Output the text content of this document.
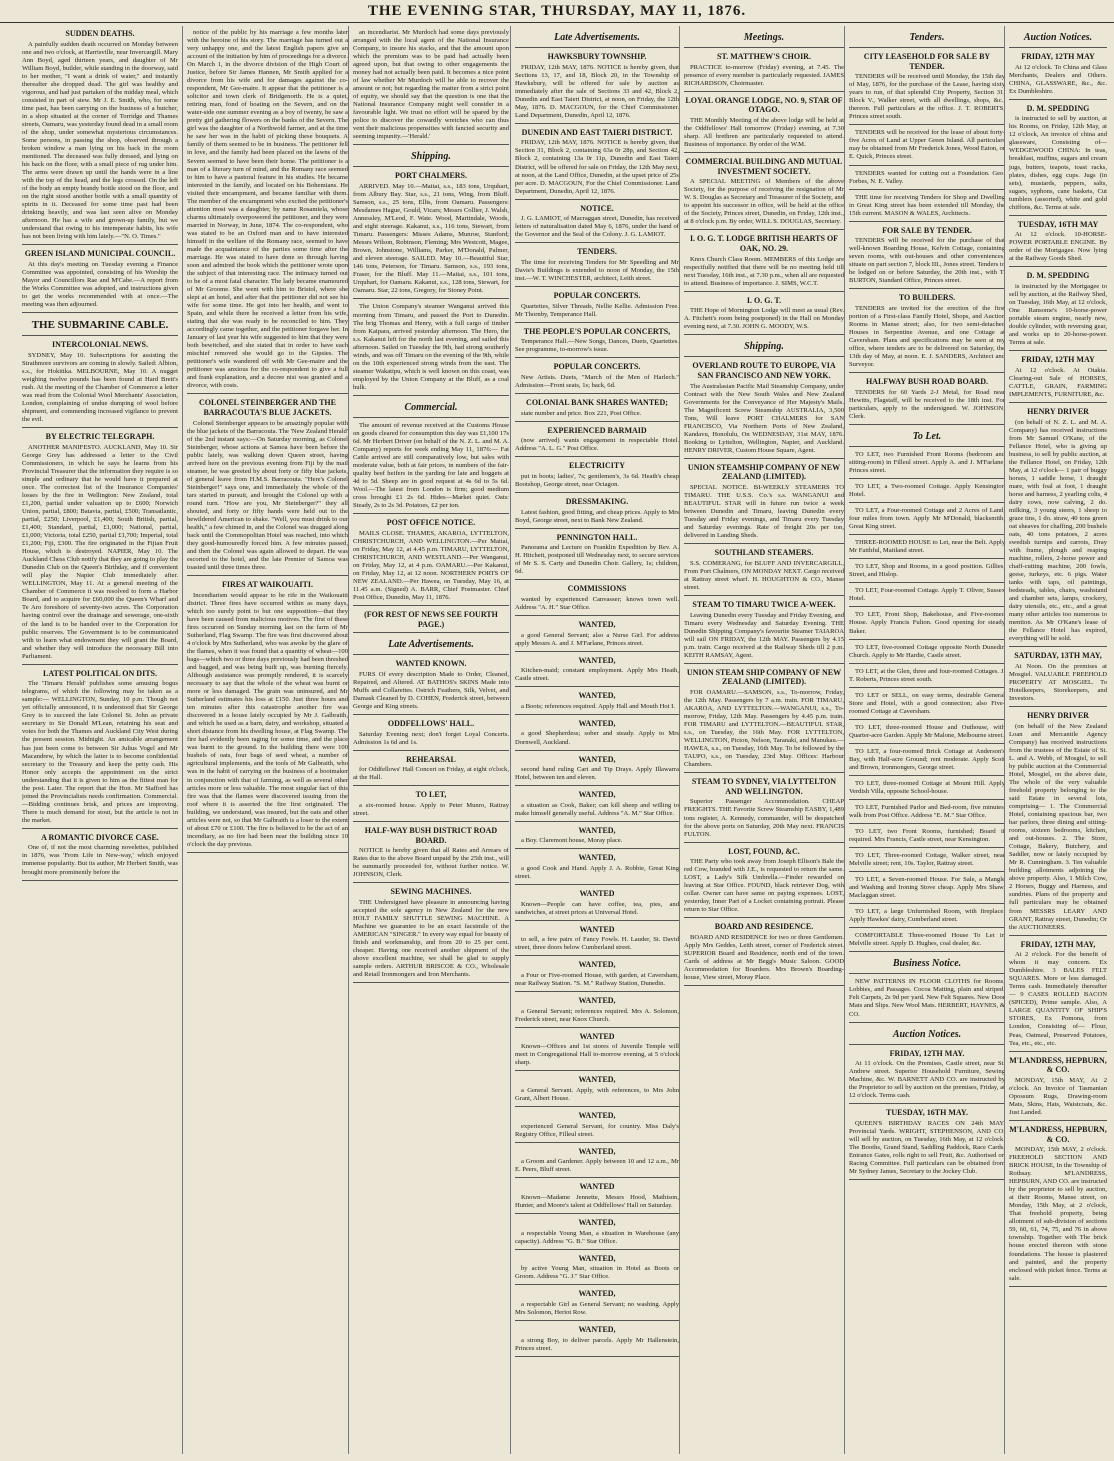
THE EVENING STAR, THURSDAY, MAY 11, 1876.
SUDDEN DEATHS.

A painfully sudden death occurred on Monday between one and two o'clock, at Harrisville, near Invercargill. Mary Ann Boyd, aged thirteen years, and daughter of Mr William Boyd, builder, while standing in the doorway, said to her mother, "I want a drink of water," and instantly thereafter she dropped dead. The girl was healthy and vigorous, and had just partaken of the midday meal, which consisted in part of stew. Mr J. E. Smith, who, for some time past, has been carrying on the business of a butcher, in a shop situated at the corner of Torridge and Thames streets, Oamaru, was yesterday found dead in a small room of the shop, under somewhat mysterious circumstances. Some persons, in passing the shop, observed through a broken window a man lying on his back in the room mentioned. The deceased was fully dressed, and lying on his back on the floor, with a small piece of rug under him. The arms were drawn up until the hands were in a line with the top of the head, and the legs crossed. On the left of the body an empty brandy bottle stood on the floor, and on the right stood another bottle with a small quantity of spirits in it. Deceased for some time past had been drinking heavily, and was last seen alive on Monday afternoon. He has a wife and grown-up family, but we understand that owing to his intemperate habits, his wife has not been living with him lately.—"N. O. Times."

GREEN ISLAND MUNICIPAL COUNCIL.

At this day's meeting on Tuesday evening a Finance Committee was appointed, consisting of his Worship the Mayor and Councillors Rae and M'Cabe.—A report from the Works Committee was adopted, and instructions given to get the works recommended with at once.—The meeting was then adjourned.

THE SUBMARINE CABLE.
INTERCOLONIAL NEWS.

SYDNEY, May 10. Subscriptions for assisting the Strathmore survivors are coming in slowly. Sailed: Albion, s.s., for Hokitika. MELBOURNE, May 10. A nugget weighing twelve pounds has been found at Hard Brett's rush. At the meeting of the Chamber of Commerce a letter was read from the Colonial Wool Merchants' Association, London, complaining of undue dumping of wool before shipment, and commending increased vigilance to prevent the evil.

BY ELECTRIC TELEGRAPH.

ANOTHER MANIFESTO. AUCKLAND, May 10. Sir George Grey has addressed a letter to the Civil Commissioners, in which he says he learns from his Provincial Treasurer that the information they require is so simple and ordinary that he would have it prepared at once. The correctest list of the Insurance Companies' losses by the fire in Wellington: New Zealand, total £1,200, partial under valuation up to £600; Norwich Union, partial, £800; Batavia, partial, £500; Transatlantic, partial, £250; Liverpool, £1,400; South British, partial, £1,400; Standard, partial, £1,000; National, partial, £1,000; Victoria, total £250, partial £1,700; Imperial, total £1,200; Fiji, £300. The fire originated in the Fijian Fruit House, which is destroyed. NAPIER, May 10. The Auckland Chess Club notify that they are going to play the Dunedin Club on the Queen's Birthday, and if convenient will play the Napier Club immediately after. WELLINGTON, May 11. At a general meeting of the Chamber of Commerce it was resolved to form a Harbor Board, and to acquire for £60,000 the Queen's Wharf and Te Aro foreshore of seventy-two acres. The Corporation having control over the drainage and sewerage, one-sixth of the land is to be handed over to the Corporation for public reserves. The Government is to be communicated with to learn what endowment they will grant the Board, and whether they will introduce the necessary Bill into Parliament.

LATEST POLITICAL ON DITS.

The 'Timaru Herald' publishes some amusing bogus telegrams, of which the following may be taken as a sample:— WELLINGTON, Sunday, 10 p.m. Though not yet officially announced, it is understood that Sir George Grey is to succeed the late Colonel St. John as private secretary to Sir Donald M'Lean, retaining his seat and votes for both the Thames and Auckland City West during the present session. Midnight. An amicable arrangement has just been come to between Sir Julius Vogel and Mr Macandrew, by which the latter is to become confidential secretary to the Treasury and keep the petty cash. His Honor only accepts the appointment on the strict understanding that it is given to him as the fittest man for the post. Later. The report that the Hon. Mr Stafford has joined the Provincialists needs confirmation. Commercial.—Bidding continues brisk, and prices are improving. There is much demand for stout, but the article is not in the market.

A ROMANTIC DIVORCE CASE.

One of, if not the most charming novelettes, published in 1876, was 'From Life in New-way,' which enjoyed immense popularity. But its author, Mr Herbert Smith, was brought more prominently before the

notice of the public by his marriage a few months later with the heroine of his story. The marriage has turned out a very unhappy one, and the latest English papers give an account of the initiation by him of proceedings for a divorce. On March 1, in the divorce division of the High Court of Justice, before Sir James Hannen, Mr Smith applied for a divorce from his wife and for damages against the co-respondent, Mr Gee-maire. It appear that the petitioner is a solicitor and town clerk of Bridgenorth. He is a quiet, retiring man, fond of boating on the Severn, and on the water-side one summer evening as a boy of twenty, he saw a pretty girl gathering flowers on the banks of the Severn. The girl was the daughter of a Northwold farmer, and at the time he saw her was in the habit of picking these bouquets. A family of them seemed to be in business. The petitioner fell in love, and the family had been placed on the lawns of the Severn seemed to have been their home. The petitioner is a man of a literary turn of mind, and the Romany race seemed to him to have a pastoral feature in his studies. He became interested in the family, and located on his Bohemians. He visited their encampment, and became familiar with them. The member of the encampment who excited the petitioner's attention most was a daughter, by name Rosamiela, whose charms ultimately overpowered the petitioner, and they were married in Norway, in June, 1874. The co-respondent, who was stated to be an Oxford man and to have interested himself in the welfare of the Romany race, seemed to have made the acquaintance of the parties some time after the marriage. He was stated to have done so through having soon and admired the book which the petitioner wrote upon the subject of that interesting race. The intimacy turned out to be of a most fatal character. The lady became enamoured of Mr Groome. She went with him to Bristol, where she slept at an hotel, and after that the petitioner did not see his wife for some time. He got into her health, and went to Spain, and while there he received a letter from his wife, stating that she was ready to be reconciled to him. They accordingly came together, and the petitioner forgave her. In January of last year his wife suggested to him that they were both bewitched, and she stated that in order to have each mischief removed she would go to the Gipsies. The petitioner's wife wandered off with Mr Gee-maire and the petitioner was anxious for the co-respondent to give a full and frank explanation, and a decree nisi was granted and a divorce, with costs.

COLONEL STEINBERGER AND THE BARRACOUTA'S BLUE JACKETS.

Colonel Steinberger appears to be amazingly popular with the blue jackets of the Barracouta. The 'New Zealand Herald' of the 2nd instant says:—On Saturday morning, as Colonel Steinberger, whose actions at Samoa have been before the public lately, was walking down Queen street, having arrived here on the previous evening from Fiji by the mail steamer, he was greeted by about forty or fifty blue jackets, of general leave from H.M.S. Barracouta. "Here's Colonel Steinberger!" says one, and immediately the whole of the tars started in pursuit, and brought the Colonel up with a round turn. "How are you, Mr Steinberger?" they all shouted, and forty or fifty hands were held out to the bewildered American to shake. "Well, you must drink to our health," a few chimed in, and the Colonel was dragged along back until the Commopolitan Hotel was reached, into which they good-humouredly forced him. A few minutes passed, and then the Colonel was again allowed to depart. He was escorted to the hotel, and the late Premier of Samoa was toasted until three times three.

FIRES AT WAIKOUAITI.

Incendiarism would appear to be rife in the Waikouaiti district. Three fires have occurred within as many days, which too surely point to but one supposition—that they have been caused from malicious motives. The first of these fires occurred on Sunday morning last on the farm of Mr Sutherland, Flag Swamp. The fire was first discovered about 4 o'clock by Mrs Sutherland, who was awoke by the glare of the flames, when it was found that a quantity of wheat—100 bags—which two or three days previously had been threshed and bagged, and was being built up, was burning fiercely. Although assistance was promptly rendered, it is scarcely necessary to say that the whole of the wheat was burnt or more or less damaged. The grain was uninsured, and Mr Sutherland estimates his loss at £150. Just three hours and ten minutes after this catastrophe another fire was discovered in a house lately occupied by Mr J. Galbraith, and which he used as a barn, dairy, and workshop, situated a short distance from his dwelling house, at Flag Swamp. The fire had evidently been raging for some time, and the place was burnt to the ground. In the building there were 100 bushels of oats, four bags of seed wheat, a number of agricultural implements, and the tools of Mr Galbraith, who was in the habit of carrying on the business of a bootmaker in conjunction with that of farming, as well as several other articles more or less valuable. The most singular fact of this fire was that the flames were discovered issuing from the roof where it is asserted the fire first originated. The building, we understand, was insured, but the oats and other articles were not, so that Mr Galbraith is a loser to the extent of about £70 or £100. The fire is believed to be the act of an incendiary, as no fire had been near the building since 10 o'clock the day previous.

an incendiarist. Mr Murdoch had some days previously arranged with the local agent of the National Insurance Company, to insure his stacks, and that the amount upon which the premium was to be paid had actually been agreed upon, but that owing to other engagements the money had not actually been paid. It becomes a nice point of law whether Mr Murdoch will be able to recover the amount or not; but regarding the matter from a strict point of equity, we should say that the question is one that the National Insurance Company might well consider in a favourable light. We trust no effort will be spared by the police to discover the cowardly wretches who can thus vent their malicious propensities with fancied security and seeming impunity.—'Herald.'

Shipping.
PORT CHALMERS.

ARRIVED. May 10.—Maitai, s.s., 183 tons, Urquhart, from Albury Bay. Star, s.s., 21 tons, Wing, from Bluff. Samson, s.s., 25 tons, Ellis, from Oamaru. Passengers: Mesdames Hague, Gould, Vicars; Messrs Collier, J. Walsh, Annessley, M'Leod, F. Wate. Wood, Martindale, Woods, and eight steerage. Kakanui, s.s., 116 tons, Stewart, from Timaru. Passengers: Misses Adams, Munroe, Stanford; Messrs Wilson, Robinson, Fleming; Mrs Westcott, Magee, Brown, Johnstone, Williams, Parker, M'Donald, Palmer, and eleven steerage. SAILED. May 10.—Beautiful Star, 146 tons, Peterson, for Timaru. Samson, s.s., 193 tons, Fraser, for the Bluff. May 11.—Maitai, s.s., 101 tons, Urquhart, for Oamaru. Kakanui, s.s., 128 tons, Stewart, for Oamaru. Star, 22 tons, Gregory, for Stoney Point.

The Union Company's steamer Wanganui arrived this morning from Timaru, and passed the Port to Dunedin. The brig Thomas and Henry, with a full cargo of timber from Kaipara, arrived yesterday afternoon. The Hero, the s.s. Kakanui left for the north last evening, and sailed this afternoon. Sailed on Tuesday the 9th, had strong southerly winds, and was off Timaru on the evening of the 9th, while on the 10th experienced strong winds from the east. The steamer Wakatipu, which is well known on this coast, was employed by the Union Company at the Bluff, as a coal hulk.

Commercial.

The amount of revenue received at the Customs House on goods cleared for consumption this day was £1,100 17s 6d. Mr Herbert Driver (on behalf of the N. Z. L. and M. A. Company) reports for week ending May 11, 1876:— Fat Cattle arrived are still comparatively low, but sales with moderate value, both at fair prices, in numbers of the fair-quality beef heifers in the yarding for late and hoggets at 4d to 5d. Sheep are in good request at 4s 6d to 5s 6d. Wool.—The latest from London is firm; good medium cross brought £1 2s 6d. Hides—Market quiet. Oats: Steady, 2s to 2s 3d. Potatoes, £2 per ton.

POST OFFICE NOTICE.

MAILS CLOSE. THAMES, AKAROA, LYTTELTON, CHRISTCHURCH, AND WELLINGTON.—Per Maitai, on Friday, May 12, at 4.45 p.m. TIMARU, LYTTELTON, CHRISTCHURCH, AND WESTLAND.—Per Wanganui, on Friday, May 12, at 4 p.m. OAMARU.—Per Kakanui, on Friday, May 12, at 12 noon. NORTHERN PORTS OF NEW ZEALAND.—Per Hawea, on Tuesday, May 16, at 11.45 a.m. (Signed) A. BARR, Chief Postmaster. Chief Post Office, Dunedin, May 11, 1876.

(FOR REST OF NEWS SEE FOURTH PAGE.)
Late Advertisements.
WANTED KNOWN.

FURS Of every description Made to Order, Cleaned, Repaired, and Altered. AT BATHOS's SKINS Made into Muffs and Collarettes. Ostrich Feathers, Silk, Velvet, and Damask Cleaned by D. COHEN, Frederick street, between George and King streets.

ODDFELLOWS' HALL.

Saturday Evening next; don't forget Loyal Concerts. Admission 1s 6d and 1s.

REHEARSAL

for Oddfellows' Hall Concert on Friday, at eight o'clock, at the Hall.

TO LET,

a six-roomed house. Apply to Peter Munro, Rattray street.

HALF-WAY BUSH DISTRICT ROAD BOARD.

NOTICE is hereby given that all Rates and Arrears of Rates due to the above Board unpaid by the 25th inst., will be summarily proceeded for, without further notice. W. JOHNSON, Clerk.

SEWING MACHINES.

THE Undersigned have pleasure in announcing having accepted the sole agency in New Zealand for the new HOLT FAMILY SHUTTLE SEWING MACHINE. A Machine we guarantee to be an exact facsimile of the AMERICAN "SINGER." In every way equal for beauty of finish and workmanship, and from 20 to 25 per cent. cheaper. Having one received another shipment of the above excellent machine, we shall be glad to supply sample orders. ARTHUR BRISCOE & CO., Wholesale and Retail Ironmongers and Iron Merchants.

Late Advertisements.
HAWKSBURY TOWNSHIP.

FRIDAY, 12th MAY, 1876. NOTICE is hereby given, that Sections 13, 17, and 18, Block 20, in the Township of Hawksbury, will be offered for sale by auction as immediately after the sale of Sections 33 and 42, Block 2, Dunedin and East Taieri District, at noon, on Friday, the 12th May, 1876. D. MACGOUN, for the Chief Commissioner. Land Department, Dunedin, April 12, 1876.

DUNEDIN AND EAST TAIERI DISTRICT.

FRIDAY, 12th MAY, 1876. NOTICE is hereby given, that Section 31, Block 2, containing 63a 0r 28p, and Section 42, Block 2, containing 13a 0r 11p, Dunedin and East Taieri District, will be offered for sale on Friday, the 12th May next, at noon, at the Land Office, Dunedin, at the upset price of 25s per acre. D. MACGOUN, For the Chief Commissioner. Land Department, Dunedin, April 12, 1876.

NOTICE.

J. G. LAMIOT, of Macraggan street, Dunedin, has received letters of naturalisation dated May 6, 1876, under the hand of the Governor and the Seal of the Colony. J. G. LAMIOT.

TENDERS.

The time for receiving Tenders for Mr Speedling and Mr Davie's Buildings is extended to noon of Monday, the 15th inst.—W. T. WINCHESTER, architect, Leith street.

POPULAR CONCERTS.

Quartettes, Silver Threads, Nellie Kellie. Admission Free. Mr Thornby, Temperance Hall.

THE PEOPLE'S POPULAR CONCERTS,

Temperance Hall.—New Songs, Dances, Duets, Quartettes. See programme, to-morrow's issue.

POPULAR CONCERTS.

New Artists. Duets, "March of the Men of Harlech." Admission—Front seats, 1s; back, 6d.

COLONIAL BANK SHARES WANTED;

state number and price. Box 221, Post Office.

EXPERIENCED BARMAID

(now arrived) wants engagement in respectable Hotel. Address "A. L. G." Post Office.

ELECTRICITY

put in boots; ladies', 7s; gentlemen's, 3s 6d. Heath's cheap Bootshop, George street, near Octagon.

DRESSMAKING.

Latest fashion, good fitting, and cheap prices. Apply to Mrs Boyd, George street, next to Bank New Zealand.

PENNINGTON HALL.

Panorama and Lecture on Franklin Expedition by Rev. A. H. Hitchett, postponed till Wednesday next, to secure services of Mr S. S. Carty and Dunedin Choir. Gallery, 1s; children, 6d.

COMMISSIONS

wanted by experienced Canvasser; knows town well. Address "A. H." Star Office.

WANTED,

a good General Servant; also a Nurse Girl. For address apply Messrs A. and J. M'Farlane, Princes street.

WANTED,

Kitchen-maid; constant employment. Apply Mrs Heath, Castle street.

WANTED,

a Boots; references required. Apply Hall and Mouth Hot I.

WANTED,

a good Shepherdess; sober and steady. Apply to Mrs Dornwell, Auckland.

WANTED,

second hand ruling Cart and Tip Drays. Apply Illawarra Hotel, between ten and eleven.

WANTED,

a situation as Cook, Baker; can kill sheep and willing to make himself generally useful. Address "A. M." Star Office.

WANTED,

a Boy. Claremont house, Moray place.

WANTED,

a good Cook and Hand. Apply J. A. Robbie, Great King street.

WANTED

Known—People can have coffee, tea, pies, and sandwiches, at street prices at Universal Hotel.

WANTED

to sell, a few pairs of Fancy Fowls. H. Lauder, St. David street, three doors below Cumberland street.

WANTED,

a Four or Five-roomed House, with garden, at Caversham, near Railway Station. "S. M." Railway Station, Dunedin.

WANTED,

a General Servant; references required. Mrs A. Solomon, Frederick street, near Knox Church.

WANTED

Known—Offices and 1st stores of Juvenile Temple will meet in Congregational Hall to-morrow evening, at 5 o'clock sharp.

WANTED,

a General Servant. Apply, with references, to Mrs John Grant, Albert House.

WANTED,

experienced General Servant, for country. Miss Daly's Registry Office, Filleul street.

WANTED,

a Groom and Gardener. Apply between 10 and 12 a.m., Mr E. Peers, Bluff street.

WANTED

Known—Madame Jennette, Messrs Hood, Mathison, Hunter, and Moore's talent at Oddfellows' Hall on Saturday.

WANTED,

a respectable Young Man, a situation in Warehouse (any capacity). Address "G. B." Star Office.

WANTED,

by active Young Man, situation in Hotel as Boots or Groom. Address "G. J." Star Office.

WANTED,

a respectable Girl as General Servant; no washing. Apply Mrs Solomon, Heriot Row.

WANTED,

a strong Boy, to deliver parcels. Apply Mr Hallenstein, Princes street.

Meetings.
ST. MATTHEW'S CHOIR.

PRACTICE to-morrow (Friday) evening, at 7.45. The presence of every member is particularly requested. JAMES RICHARDSON, Choirmaster.

LOYAL ORANGE LODGE, NO. 9, STAR OF OTAGO.

THE Monthly Meeting of the above lodge will be held at the Oddfellows' Hall tomorrow (Friday) evening, at 7.30 sharp. All brethren are particularly requested to attend. Business of importance. By order of the W.M.

COMMERCIAL BUILDING AND MUTUAL INVESTMENT SOCIETY.

A SPECIAL MEETING of Members of the above Society, for the purpose of receiving the resignation of Mr W. S. Douglas as Secretary and Treasurer of the Society, and to appoint his successor in office, will be held at the office of the Society, Princes street, Dunedin, on Friday, 12th inst., at 8 o'clock p.m. By order, WILL S. DOUGLAS, Secretary.

I. O. G. T. LODGE BRITISH HEARTS OF OAK, NO. 29.

Knox Church Class Room. MEMBERS of this Lodge are respectfully notified that there will be no meeting held till next Tuesday, 16th inst., at 7.30 p.m., when all are requested to attend. Business of importance. J. SIMS, W.C.T.

I. O. G. T.

THE Hope of Mornington Lodge will meet as usual (Rev. A. Fitchett's room being postponed) in the Hall on Monday evening next, at 7.30. JOHN G. MOODY, W.S.

Shipping.
OVERLAND ROUTE TO EUROPE, VIA SAN FRANCISCO AND NEW YORK.

The Australasian Pacific Mail Steamship Company, under Contract with the New South Wales and New Zealand Governments for the Conveyance of Her Majesty's Mails. The Magnificent Screw Steamship AUSTRALIA, 3,500 Tons, Will leave PORT CHALMERS for SAN FRANCISCO, Via Northern Ports of New Zealand, Kandavu, Honolulu, On WEDNESDAY, 31st MAY, 1876. Booking to Lyttelton, Wellington, Napier, and Auckland. HENRY DRIVER, Custom House Square, Agent.

UNION STEAMSHIP COMPANY OF NEW ZEALAND (LIMITED).

SPECIAL NOTICE. BI-WEEKLY STEAMERS TO TIMARU. THE U.S.S. Co.'s s.s. WANGANUI and BEAUTIFUL STAR will in future run twice a week between Dunedin and Timaru, leaving Dunedin every Tuesday and Friday evenings, and Timaru every Tuesday and Saturday evenings. Rate of freight 20s per ton, delivered in Landing Sheds.

SOUTHLAND STEAMERS.

S.S. COMERANG, for BLUFF AND INVERCARGILL, From Port Chalmers, ON MONDAY NEXT. Cargo received at Rattray street wharf. H. HOUGHTON & CO., Manse street.

STEAM TO TIMARU TWICE A-WEEK.

Leaving Dunedin every Tuesday and Friday Evening, and Timaru every Wednesday and Saturday Evening. THE Dunedin Shipping Company's favourite Steamer TAIAROA will sail ON FRIDAY, the 12th MAY. Passengers by 4.15 p.m. train. Cargo received at the Railway Sheds till 2 p.m. KEITH RAMSAY, Agent.

UNION STEAM SHIP COMPANY OF NEW ZEALAND (LIMITED).

FOR OAMARU.—SAMSON, s.s., To-morrow, Friday, the 12th May. Passengers by 7 a.m. train. FOR TIMARU, AKAROA, AND LYTTELTON.—WANGANUI, s.s., To-morrow, Friday, 12th May. Passengers by 4.45 p.m. train. FOR TIMARU and LYTTELTON.—BEAUTIFUL STAR, s.s., on Tuesday, the 16th May. FOR LYTTELTON, WELLINGTON, Picton, Nelson, Taranaki, and Manukau.—HAWEA, s.s., on Tuesday, 16th May. To be followed by the TAUPO, s.s., on Tuesday, 23rd May. Offices: Harbour Chambers.

STEAM TO SYDNEY, VIA LYTTELTON AND WELLINGTON.

Superior Passenger Accommodation. CHEAP FREIGHTS. THE Favorite Screw Steamship EASBY, 1,489 tons register, A. Kennedy, commander, will be despatched for the above ports on Saturday, 20th May next. FRANCIS FULTON.

LOST, FOUND, &C.

THE Party who took away from Joseph Ellison's Bale the red Cow, branded with J.E., is requested to return the same. LOST, a Lady's Silk Umbrella.—Finder rewarded on leaving at Star Office. FOUND, black retriever Dog, with collar. Owner can have same on paying expenses. LOST, yesterday, Inner Part of a Locket containing portrait. Please return to Star Office.

BOARD AND RESIDENCE.

BOARD AND RESIDENCE for two or three Gentlemen. Apply Mrs Geddes, Leith street, corner of Frederick street. SUPERIOR Board and Residence, north end of the town. Cards of address at Mr Begg's Music Saloon. GOOD Accommodation for Boarders. Mrs Brown's Boarding-house, View street, Moray Place.

Tenders.
CITY LEASEHOLD FOR SALE BY TENDER.

TENDERS will be received until Monday, the 15th day of May, 1876, for the purchase of the Lease, having sixty years to run, of that splendid City Property, Section 31, Block V., Walker street, with all dwellings, shops, &c., thereon. Full particulars at the office. J. T. ROBERTS, Princes street south.

TENDERS will be received for the lease of about forty-five Acres of Land at Upper Green Island. All particulars may be obtained from Mr Frederick Jones, Wood Eaton, or E. Quick, Princes street.

TENDERS wanted for cutting out a Foundation. Geo. Forbes, N. E. Valley.

THE time for receiving Tenders for Shop and Dwelling in Great King street has been extended till Monday, the 15th current. MASON & WALES, Architects.

FOR SALE BY TENDER.

TENDERS will be received for the purchase of that well-known Boarding House, Kelvin Cottage, containing seven rooms, with out-houses and other conveniences, situate on part section 7, block III., Jones street. Tenders to be lodged on or before Saturday, the 20th inst., with T. BURTON, Standard Office, Princes street.

TO BUILDERS.

TENDERS are invited for the erection of the first portion of a First-class Family Hotel, Shops, and Auction Rooms in Manse street; also, for two semi-detached Houses in Serpentine Avenue, and one Cottage at Caversham. Plans and specifications may be seen at my office, where tenders are to be delivered on Saturday, the 13th day of May, at noon. E. J. SANDERS, Architect and Surveyor.

HALFWAY BUSH ROAD BOARD.

TENDERS for 60 Yards 2-J Metal, for Road near Hewitts, Flagstaff, will be received to the 18th inst. For particulars, apply to the undersigned. W. JOHNSON, Clerk.

To Let.

TO LET, two Furnished Front Rooms (bedroom and sitting-room) in Filleul street. Apply A. and J. M'Farlane, Princes street.

TO LET, a Two-roomed Cottage. Apply Kensington Hotel.

TO LET, a Four-roomed Cottage and 2 Acres of Land, four miles from town. Apply Mr M'Donald, blacksmith, Great King street.

THREE-ROOMED HOUSE to Let, near the Belt. Apply Mr Faithful, Maitland street.

TO LET, Shop and Rooms, in a good position. Gillies, Street, and Hislop.

TO LET, Four-roomed Cottage. Apply T. Oliver, Sussex Hotel.

TO LET, Front Shop, Bakehouse, and Five-roomed House. Apply Francis Fulton. Good opening for steady Baker.

TO LET, five-roomed Cottage opposite North Dunedin Church. Apply to Mr Hardie, Castle street.

TO LET, at the Glen, three and four-roomed Cottages. J. T. Roberts, Princes street south.

TO LET or SELL, on easy terms, desirable General Store and Hotel, with a good connection; also Five-roomed Cottage at Caversham.

TO LET, three-roomed House and Outhouse, with Quarter-acre Garden. Apply Mr Malone, Melbourne street.

TO LET, a four-roomed Brick Cottage at Anderson's Bay, with Half-acre Ground; rent moderate. Apply Scott and Brown, ironmongers, George street.

TO LET, three-roomed Cottage at Mount Hill. Apply Verdish Villa, opposite School-house.

TO LET, Furnished Parlor and Bed-room, five minutes' walk from Post Office. Address "E. M." Star Office.

TO LET, two Front Rooms, furnished; Board if required. Mrs Francis, Castle street, near Kensington.

TO LET, Three-roomed Cottage, Walker street, near Melville street; rent, 10s. Taylor, Rattray street.

TO LET, a Seven-roomed House. For Sale, a Mangle and Washing and Ironing Stove cheap. Apply Mrs Shaw, Maclaggan street.

TO LET, a large Unfurnished Room, with fireplace. Apply Hawkes' dairy, Cumberland street.

COMFORTABLE Three-roomed House To Let in Melville street. Apply D. Hughes, coal dealer, &c.

Business Notice.

NEW PATTERNS IN FLOOR CLOTHS for Rooms, Lobbies, and Passages. Cocoa Matting, plain and striped. Felt Carpets, 2s 9d per yard. New Felt Squares. New Door Mats and Slips. New Wool Mats. HERBERT, HAYNES, & CO.

Auction Notices.
FRIDAY, 12TH MAY.

At 11 o'clock. On the Premises, Castle street, near St. Andrew street. Superior Household Furniture, Sewing Machine, &c. W. BARNETT AND CO. are instructed by the Proprietor to sell by auction on the premises, Friday, at 12 o'clock. Terms cash.

TUESDAY, 16TH MAY.

QUEEN'S BIRTHDAY RACES ON 24th MAY. Provincial Yards. WRIGHT, STEPHENSON, AND CO. will sell by auction, on Tuesday, 16th May, at 12 o'clock. The Booths, Grand Stand, Saddling Paddock, Race Cards, Entrance Gates, rolls right to sell Fruit, &c. Authorised on Racing Committee. Full particulars can be obtained from Mr Sydney James, Secretary to the Jockey Club.

Auction Notices.
FRIDAY, 12TH MAY

At 12 o'clock. To China and Glass Merchants, Dealers and Others. CHINA, GLASSWARE, &c., &c. Ex Dumbleshire.

D. M. SPEDDING

is instructed to sell by auction, at his Rooms, on Friday, 12th May, at 12 o'clock, An invoice of china and glassware, Consisting of— WEDGEWOOD CHINA: In teas, breakfast, muffins, sugars and cream jugs, butters, teapots, toast racks, plates, dishes, egg cups. Jugs (in sets), mustards, peppers, salts, sugars, syphons, cane baskets, Cut tumblers (assorted), white and gold chiffons, &c. Terms at sale.

TUESDAY, 16TH MAY

At 12 o'clock. 10-HORSE-POWER PORTABLE ENGINE. By order of the Mortgagee. Now lying at the Railway Goods Shed.

D. M. SPEDDING

is instructed by the Mortgagee to sell by auction, at the Railway Shed, on Tuesday, 16th May, at 12 o'clock, One Ransome's 10-horse-power portable steam engine, nearly new, double cylinder, with reversing gear, and works up to 20-horse-power. Terms at sale.

FRIDAY, 12TH MAY

At 12 o'clock. At Otakia. Clearing-out Sale of HORSES, CATTLE, GRAIN, FARMING IMPLEMENTS, FURNITURE, &c.

HENRY DRIVER

(on behalf of N. Z. L. and M. A. Company) has received instructions from Mr Samuel O'Kane, of the Fellance Hotel, who is giving up business, to sell by public auction, at the Fellance Hotel, on Friday, 12th May, at 12 o'clock— 1 pair of buggy horses, 1 saddle horse, 1 draught mare, with foal at foot, 1 draught horse and harness, 2 yearling colts, 4 dairy cows, now calving, 2 do. milking, 3 young steers, 1 sheep to graze tins, 1 do. straw, 40 tons green oat sheaves for chaffing, 200 bushels oats, 40 tons potatoes, 2 acres swedish turnips and carrots, Dray with frame, plough and reaping machine, rollers, 2-horse power and chaff-cutting machine, 200 fowls, geese, turkeys, etc. 6 pigs. Water tanks with taps, oil paintings, bedsteads, tables, chairs, washstand and chamber sets, lamps, crockery, dairy utensils, etc., etc., and a great many other articles too numerous to mention. As Mr O'Kane's lease of the Fellance Hotel has expired, everything will be sold.

SATURDAY, 13TH MAY,

At Noon. On the premises at Mosgiel. VALUABLE FREEHOLD PROPERTY AT MOSGIEL. To Hotelkeepers, Storekeepers, and Investors.

HENRY DRIVER

(on behalf of the New Zealand Loan and Mercantile Agency Company) has received instructions from the trustees of the Estate of St. L. and A. Webb, of Mosgiel, to sell by public auction at the Commercial Hotel, Mosgiel, on the above date, The whole of the very valuable freehold property belonging to the said Estate in several lots, comprising— 1. The Commercial Hotel, containing spacious bar, two bar parlors, three dining and sitting-rooms, sixteen bedrooms, kitchen, and out-houses. 2. The Store, Cottage, Bakery, Butchery, and Saddler, now or lately occupied by Mr R. Cunningham. 3. Ten valuable building allotments adjoining the above property. Also, 1 Milch Cow, 2 Horses, Buggy and Harness, and sundries. Plans of the property and full particulars may be obtained from MESSRS LEARY AND GRANT, Rattray street, Dunedin; Or the AUCTIONEERS.

FRIDAY, 12TH MAY,

At 2 o'clock. For the benefit of whom it may concern. Ex Dumbleshire. 3 BALES FELT SQUARES. More or less damaged. Terms cash. Immediately thereafter— 9 CASES ROLLED BACON (SPICED), Prime sample. Also, A LARGE QUANTITY OF SHIP'S STORES, Ex Pomona, from London, Consisting of— Flour, Peas, Oatmeal, Preserved Potatoes, Tea, etc., etc., etc.

M'LANDRESS, HEPBURN, & CO.

MONDAY, 15th MAY, At 2 o'clock. An Invoice of Tasmanian Opossum Rugs, Drawing-room Mats, Skins, Hats, Waistcoats, &c. Just Landed.

M'LANDRESS, HEPBURN, & CO.

MONDAY, 15th MAY, 2 o'clock. FREEHOLD SECTION AND BRICK HOUSE, In the Township of Rothsay. M'LANDRESS, HEPBURN, AND CO. are instructed by the proprietor to sell by auction, at their Rooms, Manse street, on Monday, 15th May, at 2 o'clock, That freehold property, being allotment of sub-division of sections 59, 60, 61, 74, 75, and 76 in above township. Together with The brick house erected thereon with stone foundations. The house is plastered and painted, and the property enclosed with picket fence. Terms at sale.
